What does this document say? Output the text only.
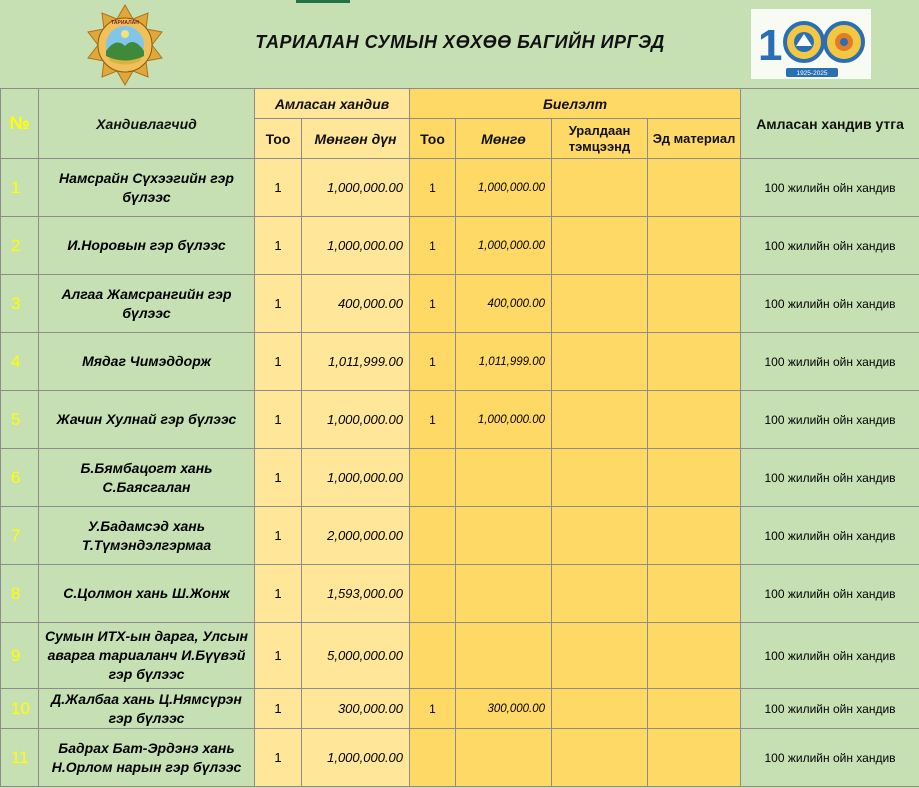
ТАРИАЛАН
ТАРИАЛАН СУМЫН ХӨХӨӨ БАГИЙН ИРГЭД	1
1925-2025
№	Хандивлагчид	Амласан хандив		Биелэлт				Амласан хандив утга
		Тоо	Мөнгөн дүн	Тоо	Мөнгө	Уралдаан тэмцээнд	Эд материал	
1	Намсрайн Сүхээгийн гэр бүлээс	1	1,000,000.00	1	1,000,000.00			100 жилийн ойн хандив
2	И.Норовын гэр бүлээс	1	1,000,000.00	1	1,000,000.00			100 жилийн ойн хандив
3	Алгаа Жамсрангийн гэр бүлээс	1	400,000.00	1	400,000.00			100 жилийн ойн хандив
4	Мядаг Чимэддорж	1	1,011,999.00	1	1,011,999.00			100 жилийн ойн хандив
5	Жачин Хулнай гэр бүлээс	1	1,000,000.00	1	1,000,000.00			100 жилийн ойн хандив
6	Б.Бямбацогт хань С.Баясгалан	1	1,000,000.00					100 жилийн ойн хандив
7	У.Бадамсэд хань Т.Түмэндэлгэрмаа	1	2,000,000.00					100 жилийн ойн хандив
8	С.Цолмон хань Ш.Жонж	1	1,593,000.00					100 жилийн ойн хандив
9	Сумын ИТХ-ын дарга, Улсын аварга тариаланч И.Бүүвэй гэр бүлээс	1	5,000,000.00					100 жилийн ойн хандив
10	Д.Жалбаа хань Ц.Нямсүрэн гэр бүлээс	1	300,000.00	1	300,000.00			100 жилийн ойн хандив
11	Бадрах Бат-Эрдэнэ хань Н.Орлом нарын гэр бүлээс	1	1,000,000.00					100 жилийн ойн хандив
